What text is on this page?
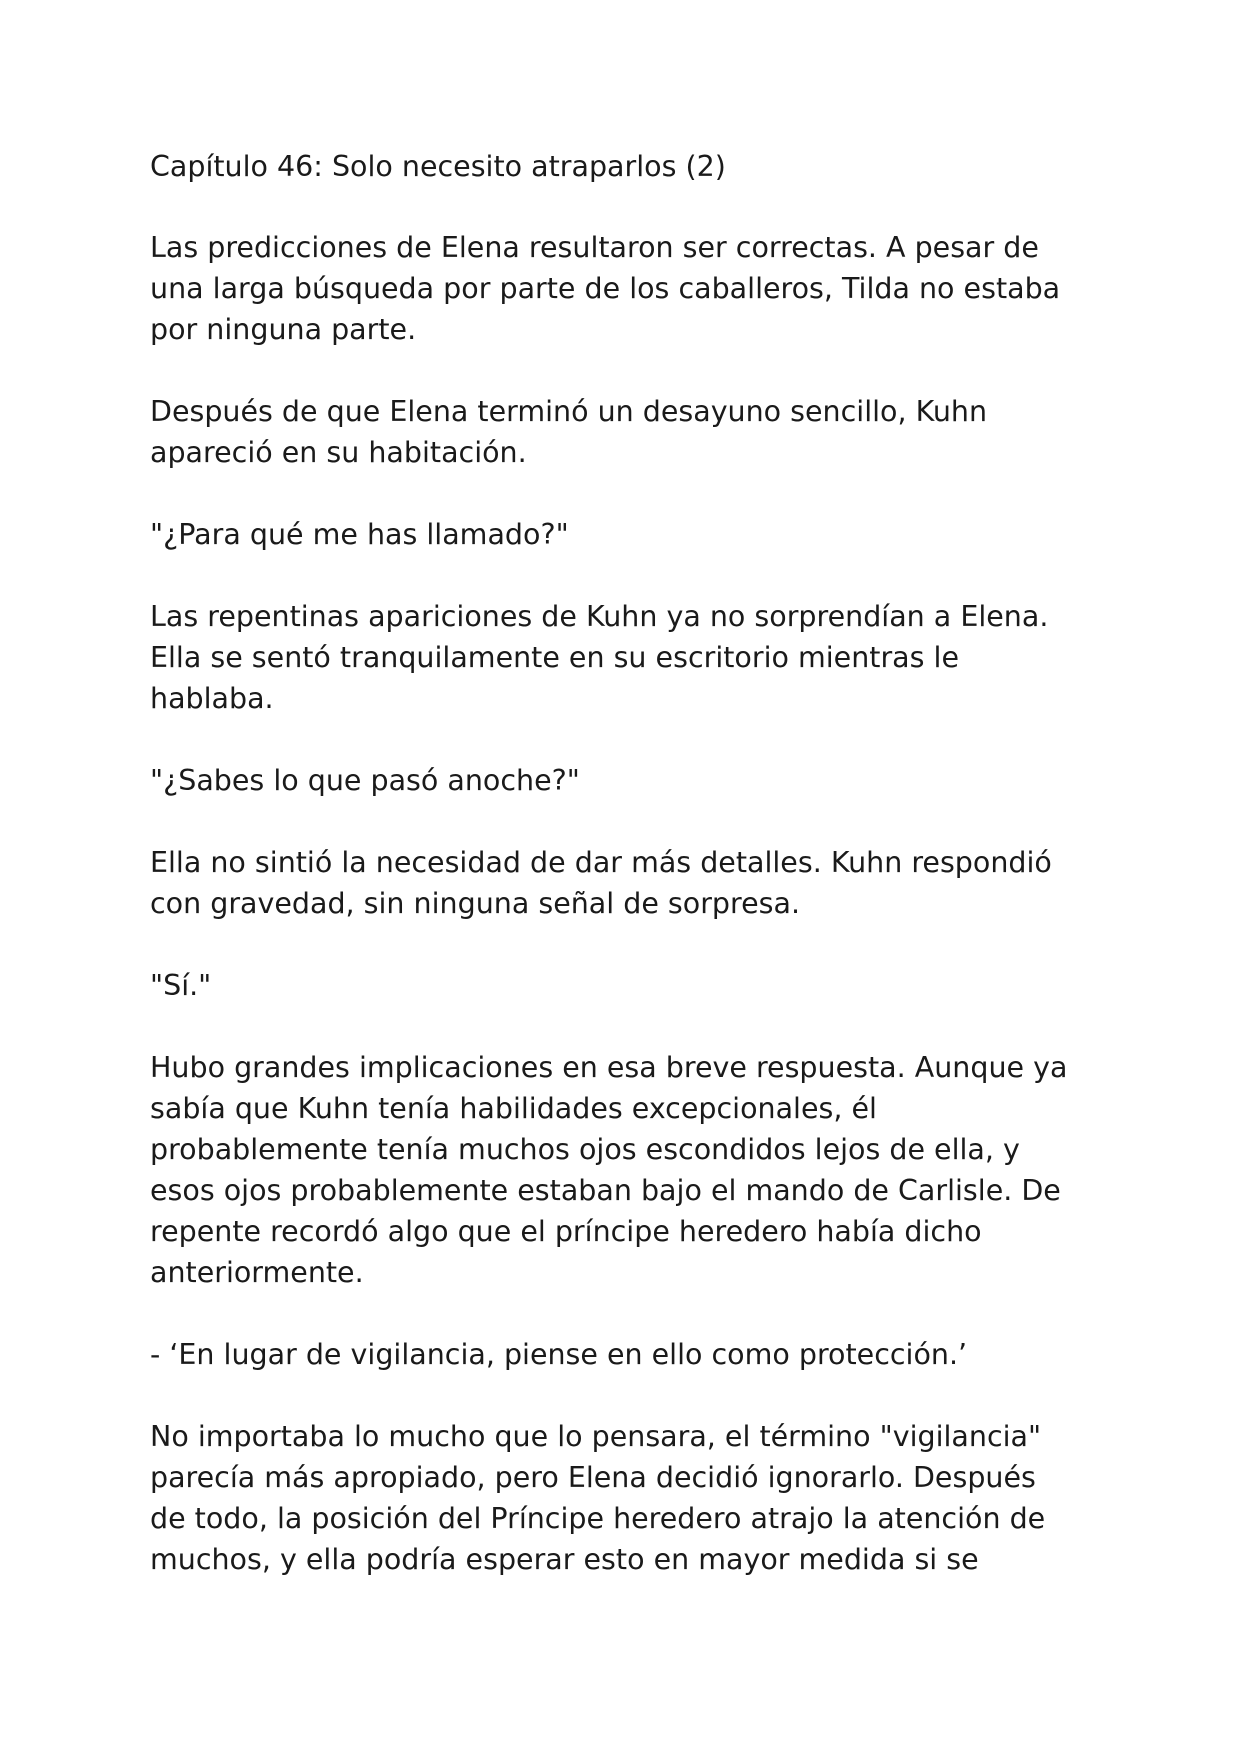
Capítulo 46: Solo necesito atraparlos (2)

Las predicciones de Elena resultaron ser correctas. A pesar de
una larga búsqueda por parte de los caballeros, Tilda no estaba
por ninguna parte.

Después de que Elena terminó un desayuno sencillo, Kuhn
apareció en su habitación.

"¿Para qué me has llamado?"

Las repentinas apariciones de Kuhn ya no sorprendían a Elena.
Ella se sentó tranquilamente en su escritorio mientras le
hablaba.

"¿Sabes lo que pasó anoche?"

Ella no sintió la necesidad de dar más detalles. Kuhn respondió
con gravedad, sin ninguna señal de sorpresa.

"Sí."

Hubo grandes implicaciones en esa breve respuesta. Aunque ya
sabía que Kuhn tenía habilidades excepcionales, él
probablemente tenía muchos ojos escondidos lejos de ella, y
esos ojos probablemente estaban bajo el mando de Carlisle. De
repente recordó algo que el príncipe heredero había dicho
anteriormente.

- ‘En lugar de vigilancia, piense en ello como protección.’

No importaba lo mucho que lo pensara, el término "vigilancia"
parecía más apropiado, pero Elena decidió ignorarlo. Después
de todo, la posición del Príncipe heredero atrajo la atención de
muchos, y ella podría esperar esto en mayor medida si se
